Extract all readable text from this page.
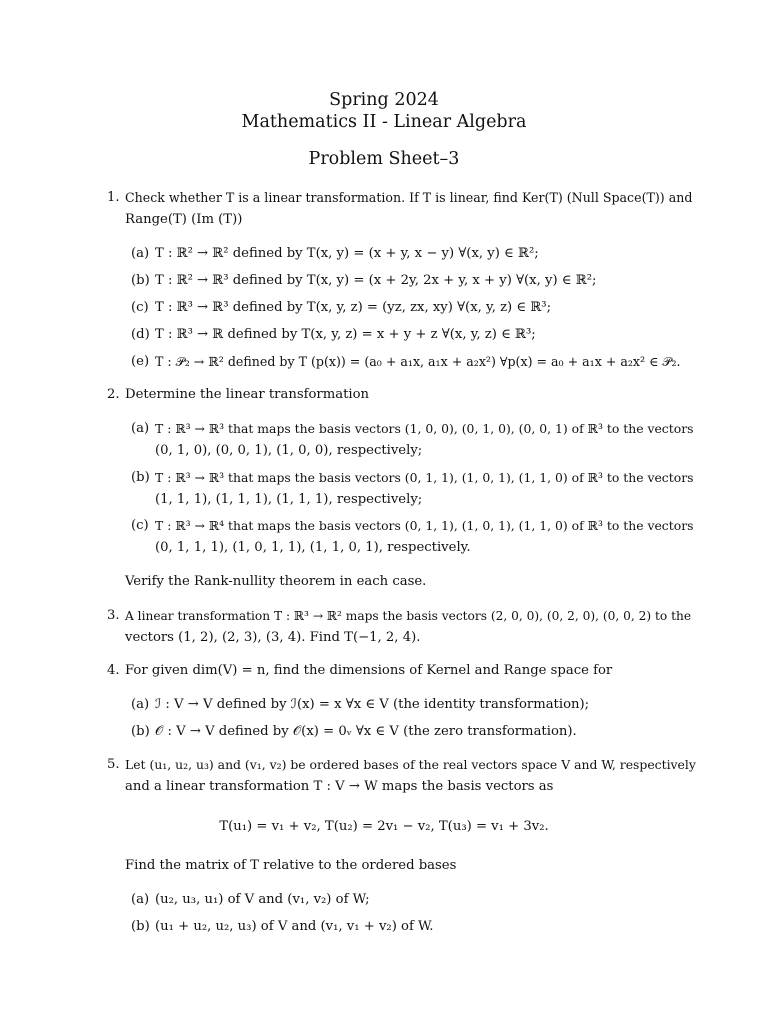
Spring 2024
Mathematics II - Linear Algebra
Problem Sheet–3
1. Check whether T is a linear transformation. If T is linear, find Ker(T) (Null Space(T)) and
Range(T) (Im (T))
(a) T : ℝ² → ℝ² defined by T(x, y) = (x + y, x − y) ∀(x, y) ∈ ℝ²;
(b) T : ℝ² → ℝ³ defined by T(x, y) = (x + 2y, 2x + y, x + y) ∀(x, y) ∈ ℝ²;
(c) T : ℝ³ → ℝ³ defined by T(x, y, z) = (yz, zx, xy) ∀(x, y, z) ∈ ℝ³;
(d) T : ℝ³ → ℝ defined by T(x, y, z) = x + y + z ∀(x, y, z) ∈ ℝ³;
(e) T : 𝒫₂ → ℝ² defined by T (p(x)) = (a₀ + a₁x, a₁x + a₂x²) ∀p(x) = a₀ + a₁x + a₂x² ∈ 𝒫₂.
2. Determine the linear transformation
(a) T : ℝ³ → ℝ³ that maps the basis vectors (1, 0, 0), (0, 1, 0), (0, 0, 1) of ℝ³ to the vectors
(0, 1, 0), (0, 0, 1), (1, 0, 0), respectively;
(b) T : ℝ³ → ℝ³ that maps the basis vectors (0, 1, 1), (1, 0, 1), (1, 1, 0) of ℝ³ to the vectors
(1, 1, 1), (1, 1, 1), (1, 1, 1), respectively;
(c) T : ℝ³ → ℝ⁴ that maps the basis vectors (0, 1, 1), (1, 0, 1), (1, 1, 0) of ℝ³ to the vectors
(0, 1, 1, 1), (1, 0, 1, 1), (1, 1, 0, 1), respectively.
Verify the Rank-nullity theorem in each case.
3. A linear transformation T : ℝ³ → ℝ² maps the basis vectors (2, 0, 0), (0, 2, 0), (0, 0, 2) to the
vectors (1, 2), (2, 3), (3, 4). Find T(−1, 2, 4).
4. For given dim(V) = n, find the dimensions of Kernel and Range space for
(a) ℐ : V → V defined by ℐ(x) = x ∀x ∈ V (the identity transformation);
(b) 𝒪 : V → V defined by 𝒪(x) = 0ᵥ ∀x ∈ V (the zero transformation).
5. Let (u₁, u₂, u₃) and (v₁, v₂) be ordered bases of the real vectors space V and W, respectively
and a linear transformation T : V → W maps the basis vectors as
T(u₁) = v₁ + v₂, T(u₂) = 2v₁ − v₂, T(u₃) = v₁ + 3v₂.
Find the matrix of T relative to the ordered bases
(a) (u₂, u₃, u₁) of V and (v₁, v₂) of W;
(b) (u₁ + u₂, u₂, u₃) of V and (v₁, v₁ + v₂) of W.
